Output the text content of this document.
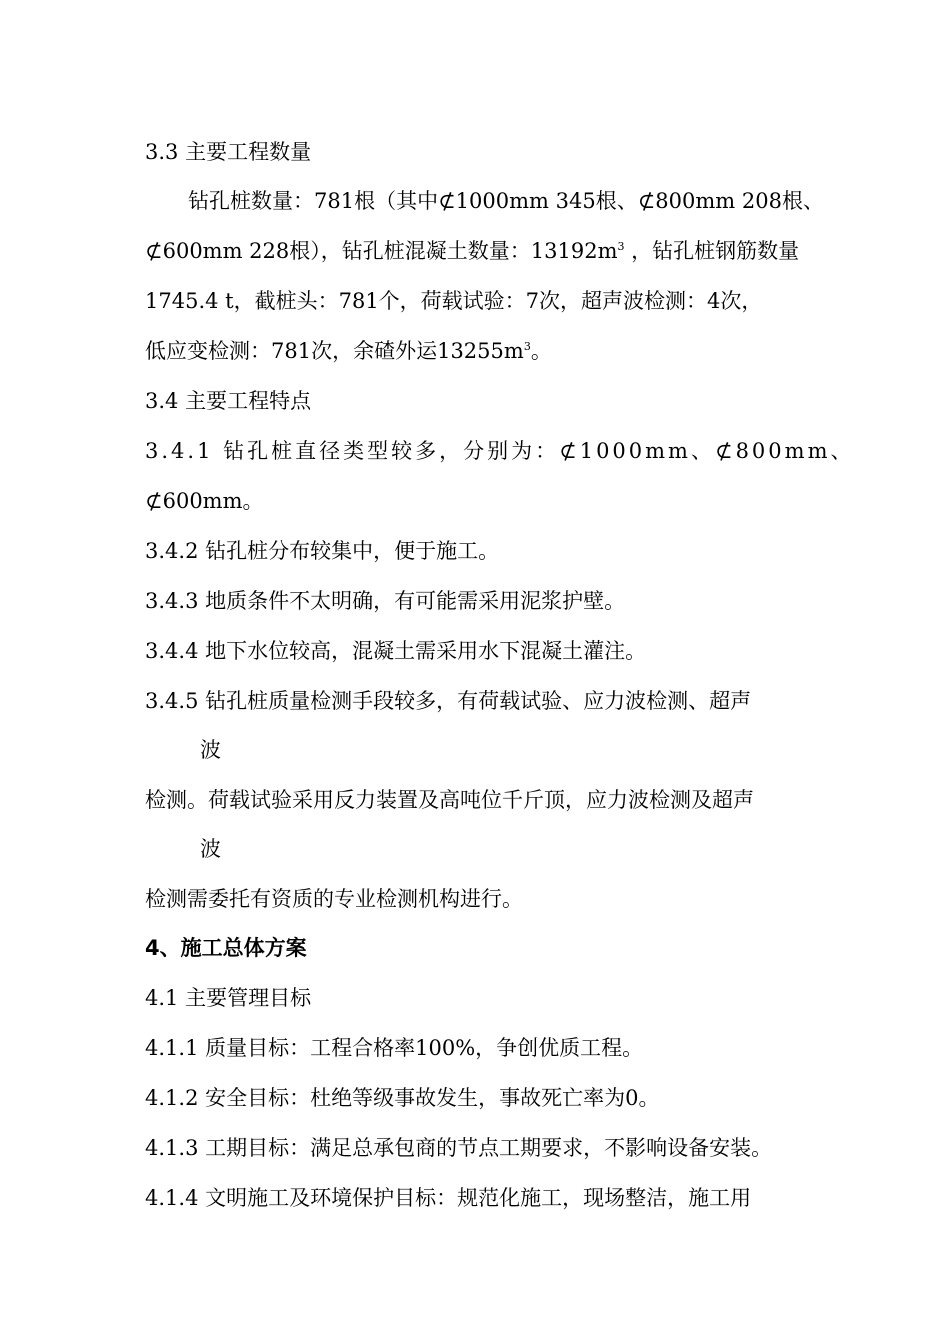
3.3 主要工程数量

钻孔桩数量：781根（其中⊄1000mm 345根、⊄800mm 208根、

⊄600mm 228根），钻孔桩混凝土数量：$13192m^3$ ，钻孔桩钢筋数量

1745.4 t，截桩头：781个，荷载试验：7次，超声波检测：4次，

低应变检测：781次，余碴外运$13255m^3$。

3.4 主要工程特点

3.4.1 钻孔桩直径类型较多，分别为：⊄1000mm、⊄800mm、

⊄600mm。

3.4.2 钻孔桩分布较集中，便于施工。

3.4.3 地质条件不太明确，有可能需采用泥浆护壁。

3.4.4 地下水位较高，混凝土需采用水下混凝土灌注。

3.4.5 钻孔桩质量检测手段较多，有荷载试验、应力波检测、超声

波

检测。荷载试验采用反力装置及高吨位千斤顶，应力波检测及超声

波

检测需委托有资质的专业检测机构进行。

4、施工总体方案

4.1 主要管理目标

4.1.1 质量目标：工程合格率100%，争创优质工程。

4.1.2 安全目标：杜绝等级事故发生，事故死亡率为0。

4.1.3 工期目标：满足总承包商的节点工期要求，不影响设备安装。

4.1.4 文明施工及环境保护目标：规范化施工，现场整洁，施工用
